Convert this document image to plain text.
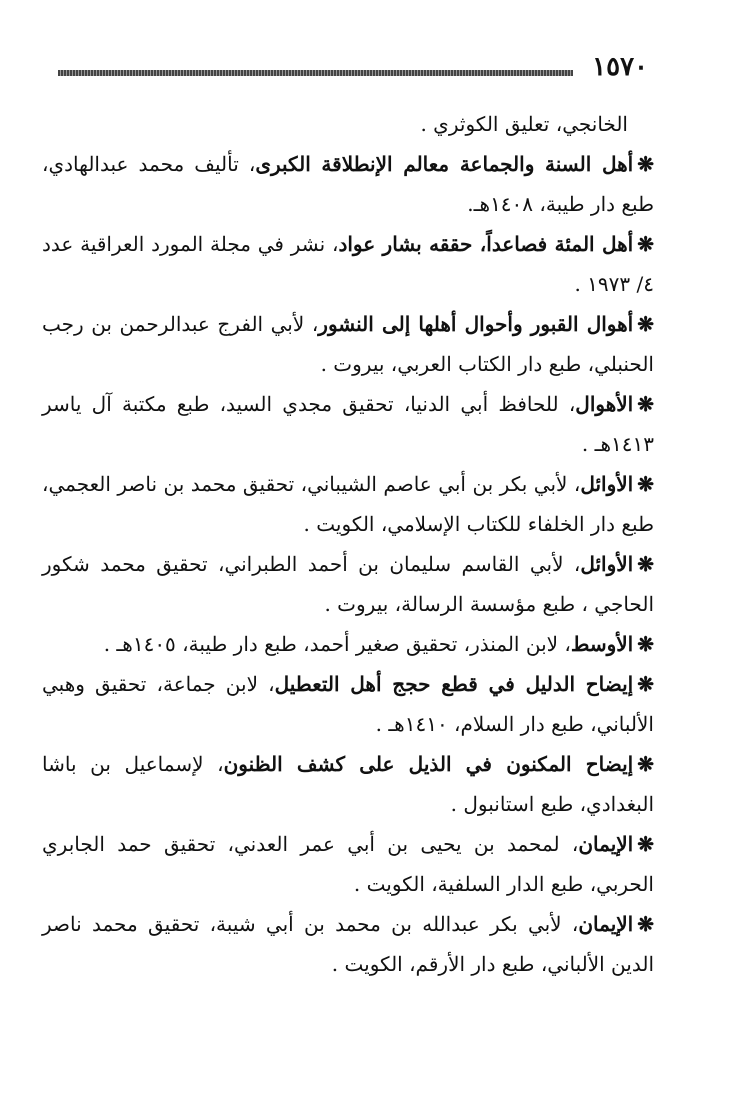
١٥٧٠

الخانجي، تعليق الكوثري .

❋أهل السنة والجماعة معالم الإنطلاقة الكبرى، تأليف محمد عبدالهادي، طبع دار طيبة، ١٤٠٨هـ.

❋أهل المئة فصاعداً، حققه بشار عواد، نشر في مجلة المورد العراقية عدد ٤/ ١٩٧٣ .

❋أهوال القبور وأحوال أهلها إلى النشور، لأبي الفرج عبدالرحمن بن رجب الحنبلي، طبع دار الكتاب العربي، بيروت .

❋الأهوال، للحافظ أبي الدنيا، تحقيق مجدي السيد، طبع مكتبة آل ياسر ١٤١٣هـ .

❋الأوائل، لأبي بكر بن أبي عاصم الشيباني، تحقيق محمد بن ناصر العجمي، طبع دار الخلفاء للكتاب الإسلامي، الكويت .

❋الأوائل، لأبي القاسم سليمان بن أحمد الطبراني، تحقيق محمد شكور الحاجي ، طبع مؤسسة الرسالة، بيروت .

❋الأوسط، لابن المنذر، تحقيق صغير أحمد، طبع دار طيبة، ١٤٠٥هـ .

❋إيضاح الدليل في قطع حجج أهل التعطيل، لابن جماعة، تحقيق وهبي الألباني، طبع دار السلام، ١٤١٠هـ .

❋إيضاح المكنون في الذيل على كشف الظنون، لإسماعيل بن باشا البغدادي، طبع استانبول .

❋الإيمان، لمحمد بن يحيى بن أبي عمر العدني، تحقيق حمد الجابري الحربي، طبع الدار السلفية، الكويت .

❋الإيمان، لأبي بكر عبدالله بن محمد بن أبي شيبة، تحقيق محمد ناصر الدين الألباني، طبع دار الأرقم، الكويت .
